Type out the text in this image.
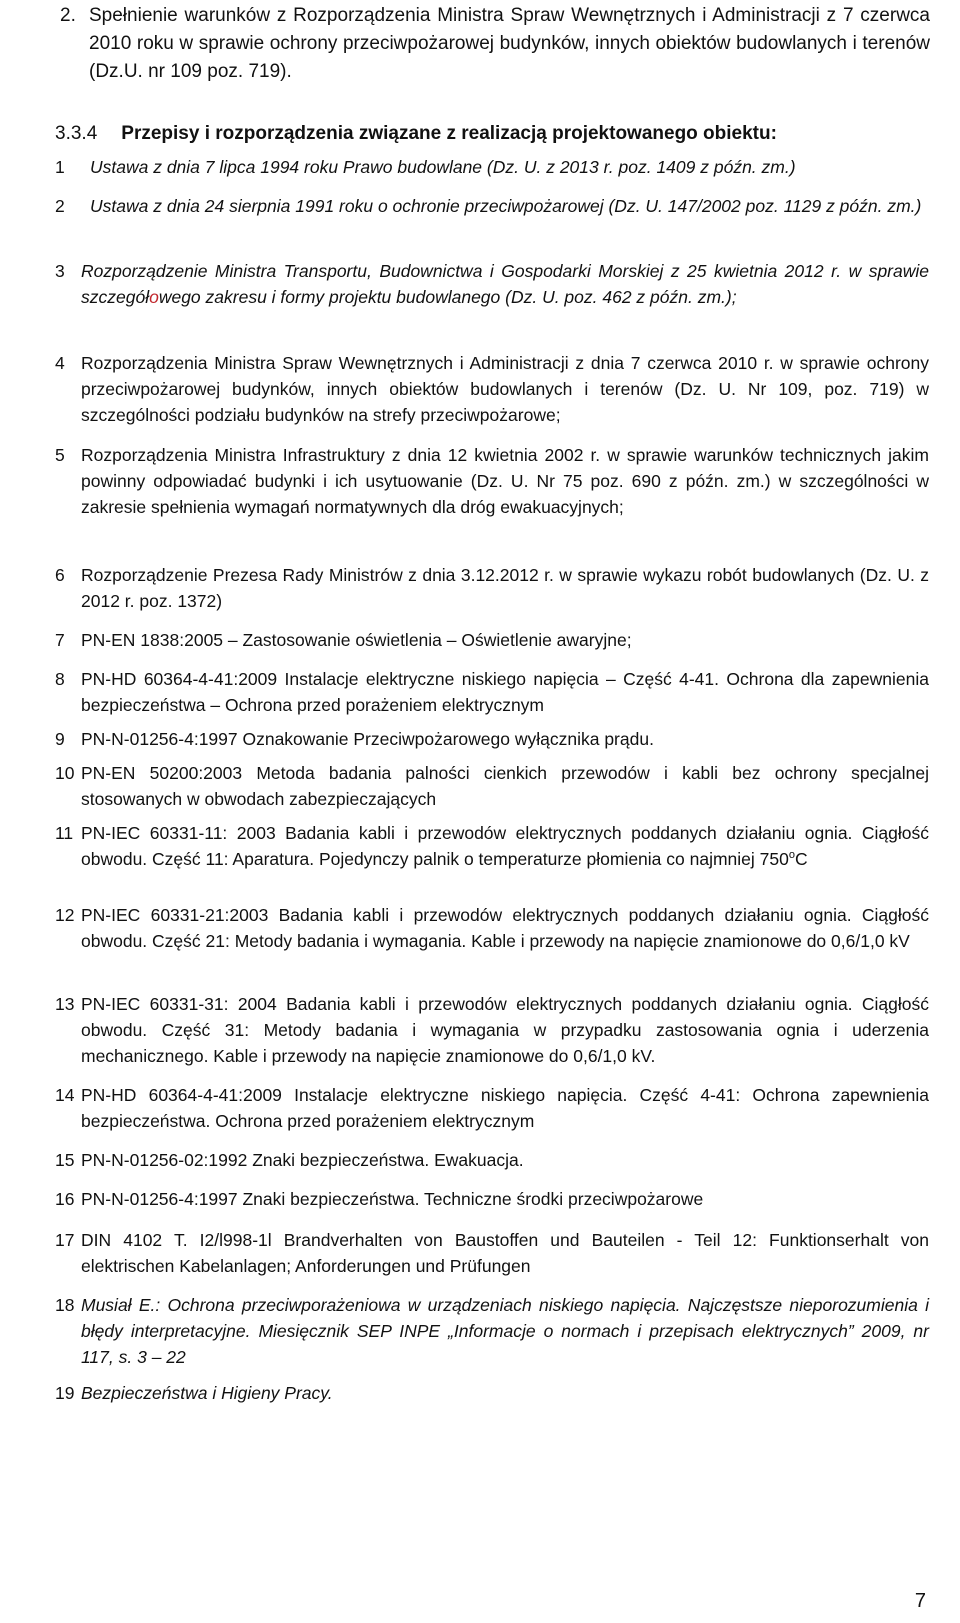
2. Spełnienie warunków z Rozporządzenia Ministra Spraw Wewnętrznych i Administracji z 7 czerwca 2010 roku w sprawie ochrony przeciwpożarowej budynków, innych obiektów budowlanych i terenów (Dz.U. nr 109 poz. 719).
3.3.4 Przepisy i rozporządzenia związane z realizacją projektowanego obiektu:
1 Ustawa z dnia 7 lipca 1994 roku Prawo budowlane (Dz. U. z 2013 r. poz. 1409 z późn. zm.)
2 Ustawa z dnia 24 sierpnia 1991 roku o ochronie przeciwpożarowej (Dz. U. 147/2002 poz. 1129 z późn. zm.)
3 Rozporządzenie Ministra Transportu, Budownictwa i Gospodarki Morskiej z 25 kwietnia 2012 r. w sprawie szczegółowego zakresu i formy projektu budowlanego (Dz. U. poz. 462 z późn. zm.);
4 Rozporządzenia Ministra Spraw Wewnętrznych i Administracji z dnia 7 czerwca 2010 r. w sprawie ochrony przeciwpożarowej budynków, innych obiektów budowlanych i terenów (Dz. U. Nr 109, poz. 719) w szczególności podziału budynków na strefy przeciwpożarowe;
5 Rozporządzenia Ministra Infrastruktury z dnia 12 kwietnia 2002 r. w sprawie warunków technicznych jakim powinny odpowiadać budynki i ich usytuowanie (Dz. U. Nr 75 poz. 690 z późn. zm.) w szczególności w zakresie spełnienia wymagań normatywnych dla dróg ewakuacyjnych;
6 Rozporządzenie Prezesa Rady Ministrów z dnia 3.12.2012 r. w sprawie wykazu robót budowlanych (Dz. U. z 2012 r. poz. 1372)
7 PN-EN 1838:2005 – Zastosowanie oświetlenia – Oświetlenie awaryjne;
8 PN-HD 60364-4-41:2009 Instalacje elektryczne niskiego napięcia – Część 4-41. Ochrona dla zapewnienia bezpieczeństwa – Ochrona przed porażeniem elektrycznym
9 PN-N-01256-4:1997 Oznakowanie Przeciwpożarowego wyłącznika prądu.
10 PN-EN 50200:2003 Metoda badania palności cienkich przewodów i kabli bez ochrony specjalnej stosowanych w obwodach zabezpieczających
11 PN-IEC 60331-11: 2003 Badania kabli i przewodów elektrycznych poddanych działaniu ognia. Ciągłość obwodu. Część 11: Aparatura. Pojedynczy palnik o temperaturze płomienia co najmniej 750$^o$C
12 PN-IEC 60331-21:2003 Badania kabli i przewodów elektrycznych poddanych działaniu ognia. Ciągłość obwodu. Część 21: Metody badania i wymagania. Kable i przewody na napięcie znamionowe do 0,6/1,0 kV
13 PN-IEC 60331-31: 2004 Badania kabli i przewodów elektrycznych poddanych działaniu ognia. Ciągłość obwodu. Część 31: Metody badania i wymagania w przypadku zastosowania ognia i uderzenia mechanicznego. Kable i przewody na napięcie znamionowe do 0,6/1,0 kV.
14 PN-HD 60364-4-41:2009 Instalacje elektryczne niskiego napięcia. Część 4-41: Ochrona zapewnienia bezpieczeństwa. Ochrona przed porażeniem elektrycznym
15 PN-N-01256-02:1992 Znaki bezpieczeństwa. Ewakuacja.
16 PN-N-01256-4:1997 Znaki bezpieczeństwa. Techniczne środki przeciwpożarowe
17 DIN 4102 T. I2/l998-1l Brandverhalten von Baustoffen und Bauteilen - Teil 12: Funktionserhalt von elektrischen Kabelanlagen; Anforderungen und Prüfungen
18 Musiał E.: Ochrona przeciwporażeniowa w urządzeniach niskiego napięcia. Najczęstsze nieporozumienia i błędy interpretacyjne. Miesięcznik SEP INPE „Informacje o normach i przepisach elektrycznych” 2009, nr 117, s. 3 – 22
19 Bezpieczeństwa i Higieny Pracy.
7
